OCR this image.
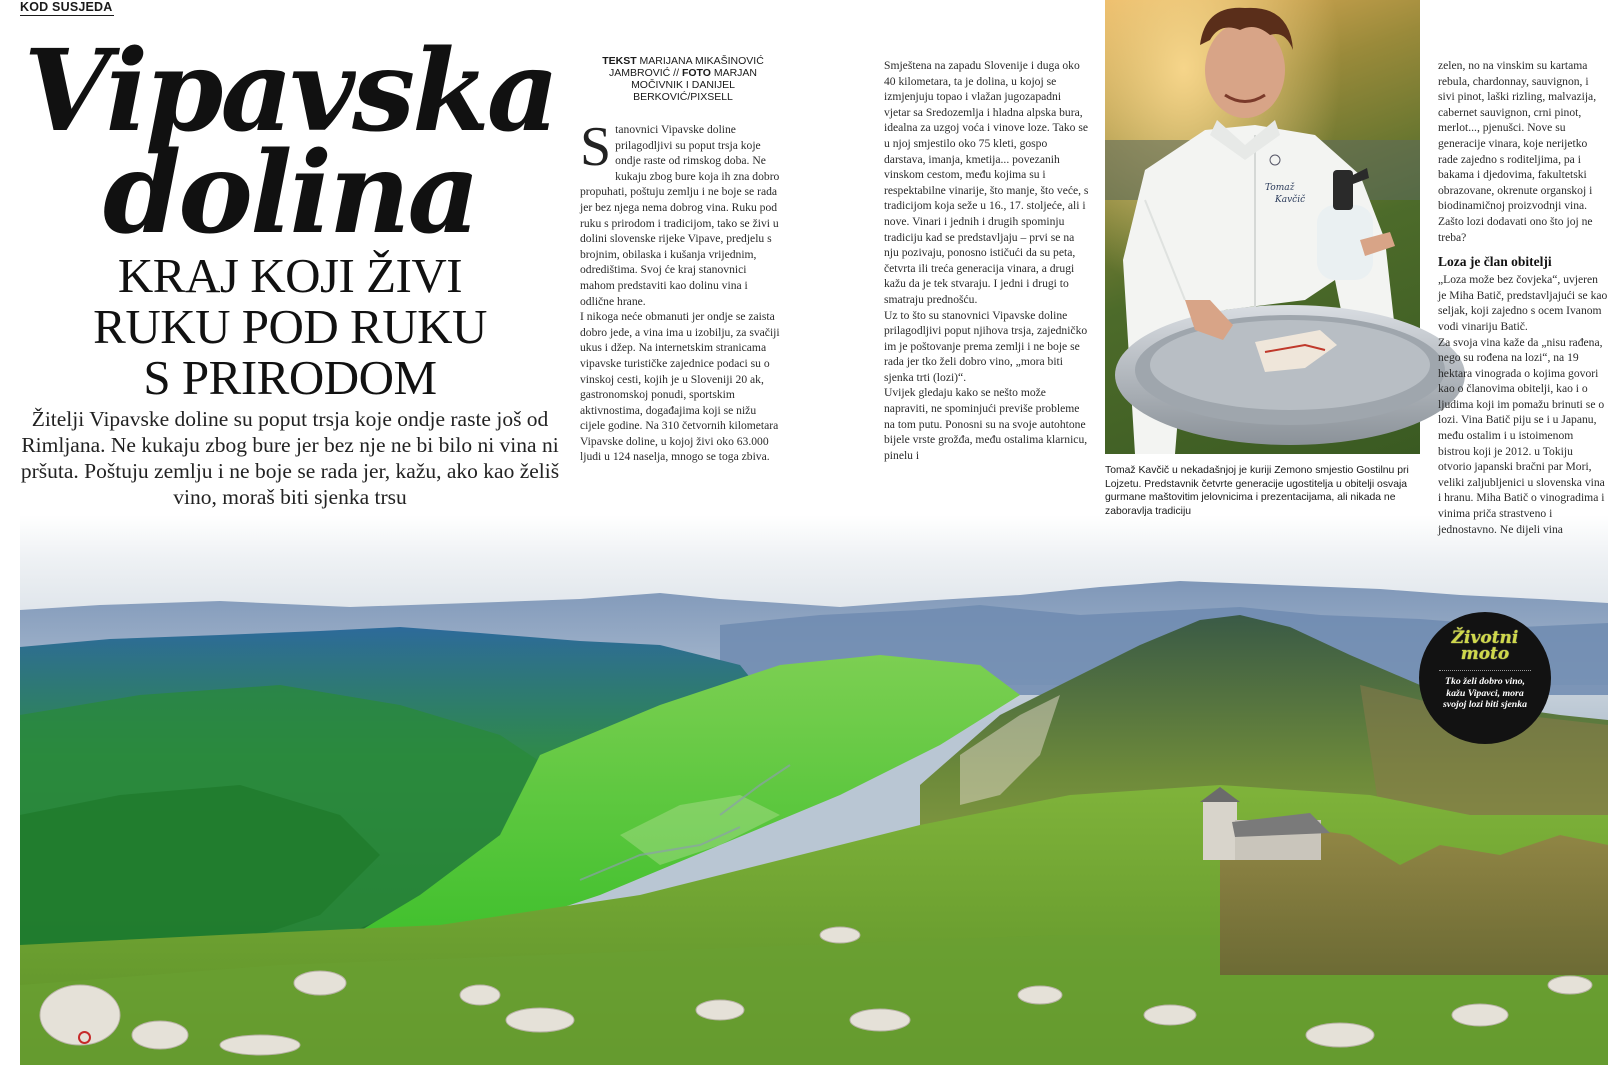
KOD SUSJEDA

Vipavska
dolina
KRAJ KOJI ŽIVI
RUKU POD RUKU
S PRIRODOM

Žitelji Vipavske doline su poput trsja koje ondje raste još od Rimljana. Ne kukaju zbog bure jer bez nje ne bi bilo ni vina ni pršuta. Poštuju zemlju i ne boje se rada jer, kažu, ako kao želiš vino, moraš biti sjenka trsu

TEKST MARIJANA MIKAŠINOVIĆ JAMBROVIĆ // FOTO MARJAN MOČIVNIK I DANIJEL BERKOVIĆ/PIXSELL

Stanovnici Vipavske doline prilagodljivi su poput trsja koje ondje raste od rimskog doba. Ne kukaju zbog bure koja ih zna dobro propuhati, poštuju zemlju i ne boje se rada jer bez njega nema dobrog vina. Ruku pod ruku s prirodom i tradicijom, tako se živi u dolini slovenske rijeke Vipave, predjelu s brojnim, obilaska i kušanja vrijednim, odredištima. Svoj će kraj stanovnici mahom predstaviti kao dolinu vina i odlične hrane.

I nikoga neće obmanuti jer ondje se zaista dobro jede, a vina ima u izobilju, za svačiji ukus i džep. Na internetskim stranicama vipavske turističke zajednice podaci su o vinskoj cesti, kojih je u Sloveniji 20 ak, gastronomskoj ponudi, sportskim aktivnostima, događajima koji se nižu cijele godine. Na 310 četvornih kilometara Vipavske doline, u kojoj živi oko 63.000 ljudi u 124 naselja, mnogo se toga zbiva.

Smještena na zapadu Slovenije i duga oko 40 kilometara, ta je dolina, u kojoj se izmjenjuju topao i vlažan jugozapadni vjetar sa Sredozemlja i hladna alpska bura, idealna za uzgoj voća i vinove loze. Tako se u njoj smjestilo oko 75 kleti, gospo darstava, imanja, kmetija... povezanih vinskom cestom, među kojima su i respektabilne vinarije, što manje, što veće, s tradicijom koja seže u 16., 17. stoljeće, ali i nove. Vinari i jednih i drugih spominju tradiciju kad se predstavljaju – prvi se na nju pozivaju, ponosno ističući da su peta, četvrta ili treća generacija vinara, a drugi kažu da je tek stvaraju. I jedni i drugi to smatraju prednošću.

Uz to što su stanovnici Vipavske doline prilagodljivi poput njihova trsja, zajedničko im je poštovanje prema zemlji i ne boje se rada jer tko želi dobro vino, „mora biti sjenka trti (lozi)“.

Uvijek gledaju kako se nešto može napraviti, ne spominjući previše probleme na tom putu. Ponosni su na svoje autohtone bijele vrste grožđa, među ostalima klarnicu, pinelu i

Tomaž
Kavčič

Tomaž Kavčič u nekadašnjoj je kuriji Zemono smjestio Gostilnu pri Lojzetu. Predstavnik četvrte generacije ugostitelja u obitelji osvaja gurmane maštovitim jelovnicima i prezentacijama, ali nikada ne zaboravlja tradiciju

zelen, no na vinskim su kartama rebula, chardonnay, sauvignon, i sivi pinot, laški rizling, malvazija, cabernet sauvignon, crni pinot, merlot..., pjenušci. Nove su generacije vinara, koje nerijetko rade zajedno s roditeljima, pa i bakama i djedovima, fakultetski obrazovane, okrenute organskoj i biodinamičnoj proizvodnji vina. Zašto lozi dodavati ono što joj ne treba?

Loza je član obitelji

„Loza može bez čovjeka“, uvjeren je Miha Batič, predstavljajući se kao seljak, koji zajedno s ocem Ivanom vodi vinariju Batič.

Za svoja vina kaže da „nisu rađena, nego su rođena na lozi“, na 19 hektara vinograda o kojima govori kao o članovima obitelji, kao i o ljudima koji im pomažu brinuti se o lozi. Vina Batič piju se i u Japanu, među ostalim i u istoimenom bistrou koji je 2012. u Tokiju otvorio japanski bračni par Mori, veliki zaljubljenici u slovenska vina i hranu. Miha Batič o vinogradima i vinima priča strastveno i jednostavno. Ne dijeli vina

Životni
moto

Tko želi dobro vino, kažu Vipavci, mora svojoj lozi biti sjenka
